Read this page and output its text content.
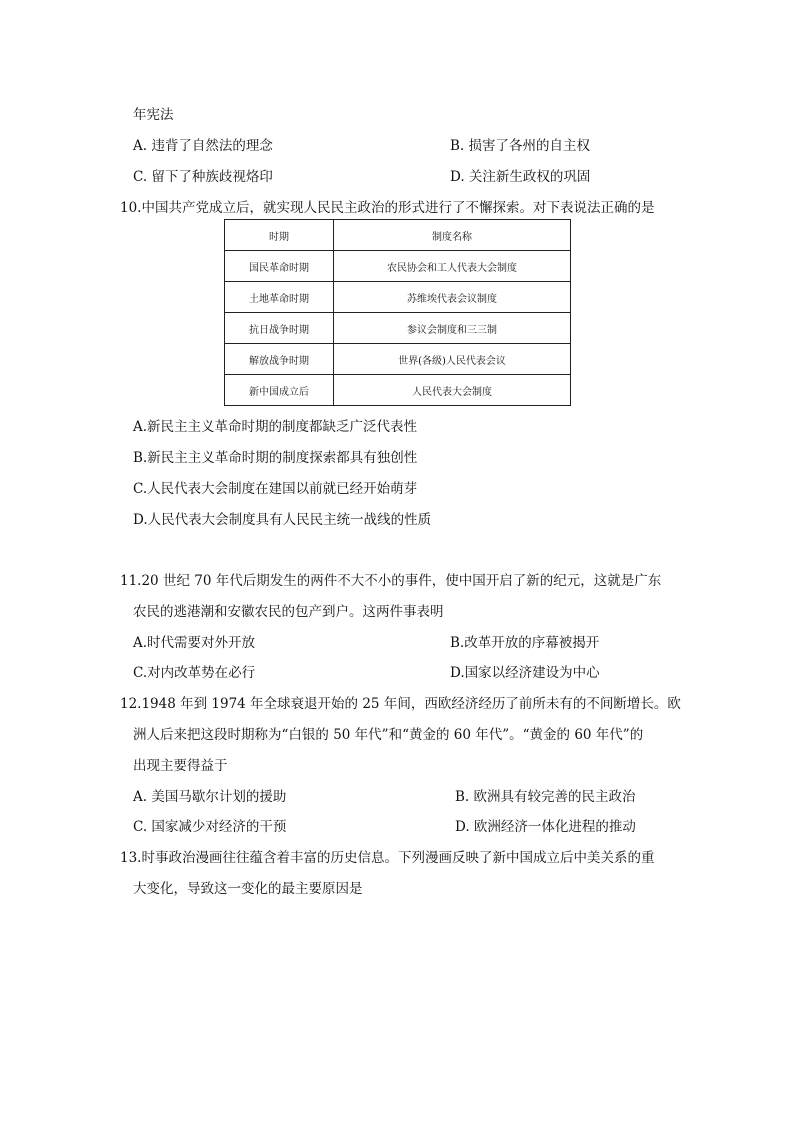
年宪法
A. 违背了自然法的理念	B. 损害了各州的自主权
C. 留下了种族歧视烙印	D. 关注新生政权的巩固
10.中国共产党成立后，就实现人民民主政治的形式进行了不懈探索。对下表说法正确的是
时期	制度名称
国民革命时期	农民协会和工人代表大会制度
土地革命时期	苏维埃代表会议制度
抗日战争时期	参议会制度和三三制
解放战争时期	世界(各级)人民代表会议
新中国成立后	人民代表大会制度
A.新民主主义革命时期的制度都缺乏广泛代表性
B.新民主主义革命时期的制度探索都具有独创性
C.人民代表大会制度在建国以前就已经开始萌芽
D.人民代表大会制度具有人民民主统一战线的性质
11.20 世纪 70 年代后期发生的两件不大不小的事件，使中国开启了新的纪元，这就是广东
农民的逃港潮和安徽农民的包产到户。这两件事表明
A.时代需要对外开放	B.改革开放的序幕被揭开
C.对内改革势在必行	D.国家以经济建设为中心
12.1948 年到 1974 年全球衰退开始的 25 年间，西欧经济经历了前所未有的不间断增长。欧
洲人后来把这段时期称为“白银的 50 年代”和“黄金的 60 年代”。“黄金的 60 年代”的
出现主要得益于
A. 美国马歇尔计划的援助	B. 欧洲具有较完善的民主政治
C. 国家减少对经济的干预	D. 欧洲经济一体化进程的推动
13.时事政治漫画往往蕴含着丰富的历史信息。下列漫画反映了新中国成立后中美关系的重
大变化，导致这一变化的最主要原因是
